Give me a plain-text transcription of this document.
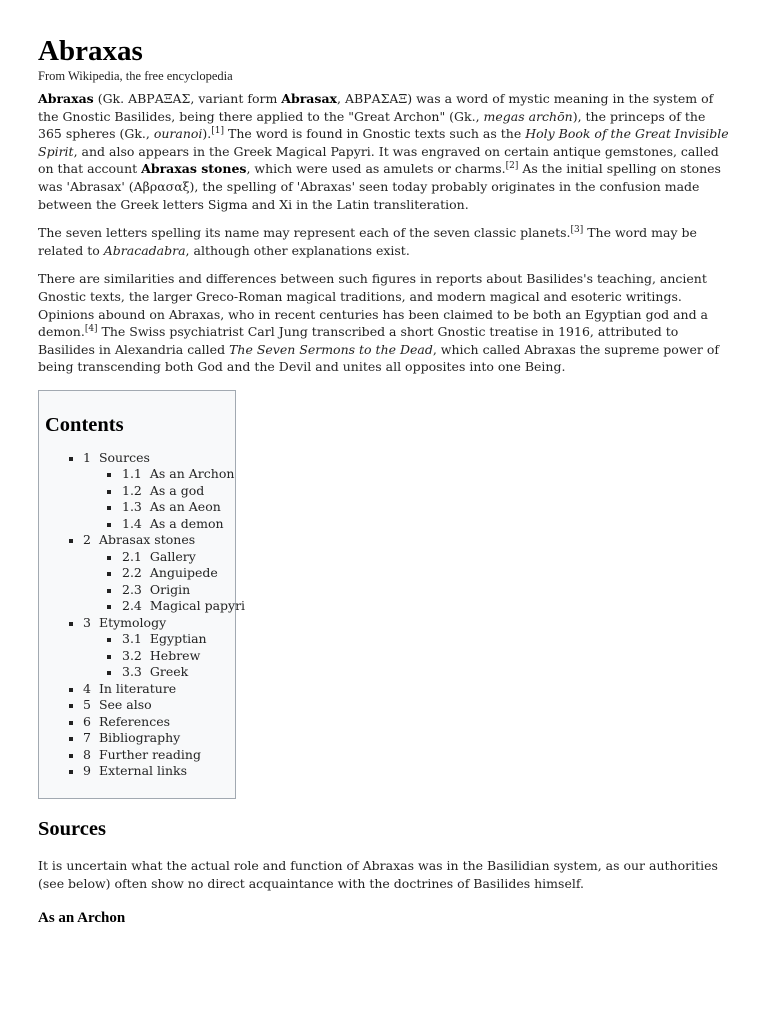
Abraxas
From Wikipedia, the free encyclopedia

Abraxas (Gk. ΑΒΡΑΞΑΣ, variant form Abrasax, ΑΒΡΑΣΑΞ) was a word of mystic meaning in the system of the Gnostic Basilides, being there applied to the "Great Archon" (Gk., megas archōn), the princeps of the 365 spheres (Gk., ouranoi).[1] The word is found in Gnostic texts such as the Holy Book of the Great Invisible Spirit, and also appears in the Greek Magical Papyri. It was engraved on certain antique gemstones, called on that account Abraxas stones, which were used as amulets or charms.[2] As the initial spelling on stones was 'Abrasax' (Αβρασαξ), the spelling of 'Abraxas' seen today probably originates in the confusion made between the Greek letters Sigma and Xi in the Latin transliteration.

The seven letters spelling its name may represent each of the seven classic planets.[3] The word may be related to Abracadabra, although other explanations exist.

There are similarities and differences between such figures in reports about Basilides's teaching, ancient Gnostic texts, the larger Greco-Roman magical traditions, and modern magical and esoteric writings. Opinions abound on Abraxas, who in recent centuries has been claimed to be both an Egyptian god and a demon.[4] The Swiss psychiatrist Carl Jung transcribed a short Gnostic treatise in 1916, attributed to Basilides in Alexandria called The Seven Sermons to the Dead, which called Abraxas the supreme power of being transcending both God and the Devil and unites all opposites into one Being.

Contents
1 Sources
1.1 As an Archon
1.2 As a god
1.3 As an Aeon
1.4 As a demon
2 Abrasax stones
2.1 Gallery
2.2 Anguipede
2.3 Origin
2.4 Magical papyri
3 Etymology
3.1 Egyptian
3.2 Hebrew
3.3 Greek
4 In literature
5 See also
6 References
7 Bibliography
8 Further reading
9 External links
Sources

It is uncertain what the actual role and function of Abraxas was in the Basilidian system, as our authorities (see below) often show no direct acquaintance with the doctrines of Basilides himself.

As an Archon
